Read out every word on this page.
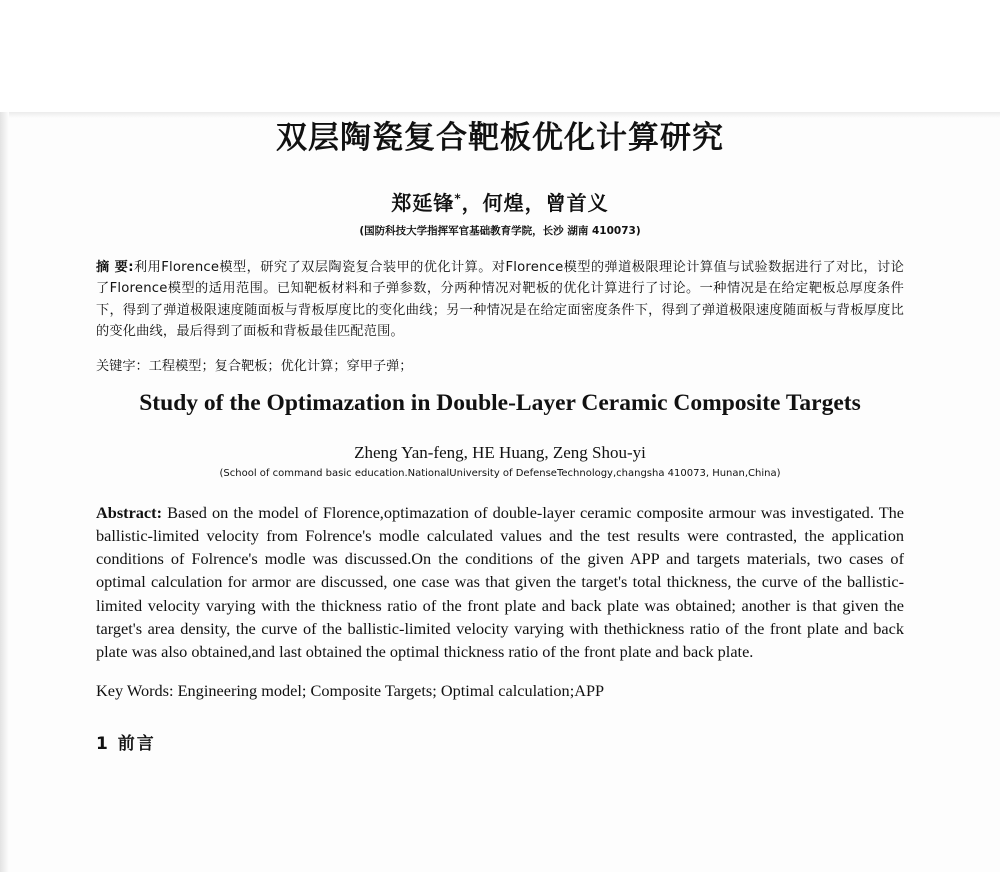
双层陶瓷复合靶板优化计算研究
郑延锋*，何煌，曾首义
(国防科技大学指挥军官基础教育学院，长沙 湖南 410073)

摘 要:利用Florence模型，研究了双层陶瓷复合装甲的优化计算。对Florence模型的弹道极限理论计算值与试验数据进行了对比，讨论了Florence模型的适用范围。已知靶板材料和子弹参数，分两种情况对靶板的优化计算进行了讨论。一种情况是在给定靶板总厚度条件下，得到了弹道极限速度随面板与背板厚度比的变化曲线；另一种情况是在给定面密度条件下，得到了弹道极限速度随面板与背板厚度比的变化曲线，最后得到了面板和背板最佳匹配范围。

关键字：工程模型；复合靶板；优化计算；穿甲子弹；

Study of the Optimazation in Double-Layer Ceramic Composite Targets
Zheng Yan-feng, HE Huang, Zeng Shou-yi
(School of command basic education.NationalUniversity of DefenseTechnology,changsha 410073, Hunan,China)

Abstract: Based on the model of Florence,optimazation of double-layer ceramic composite armour was investigated. The ballistic-limited velocity from Folrence's modle calculated values and the test results were contrasted, the application conditions of Folrence's modle was discussed.On the conditions of the given APP and targets materials, two cases of optimal calculation for armor are discussed, one case was that given the target's total thickness, the curve of the ballistic-limited velocity varying with the thickness ratio of the front plate and back plate was obtained; another is that given the target's area density, the curve of the ballistic-limited velocity varying with thethickness ratio of the front plate and back plate was also obtained,and last obtained the optimal thickness ratio of the front plate and back plate.

Key Words: Engineering model; Composite Targets; Optimal calculation;APP

1 前言
